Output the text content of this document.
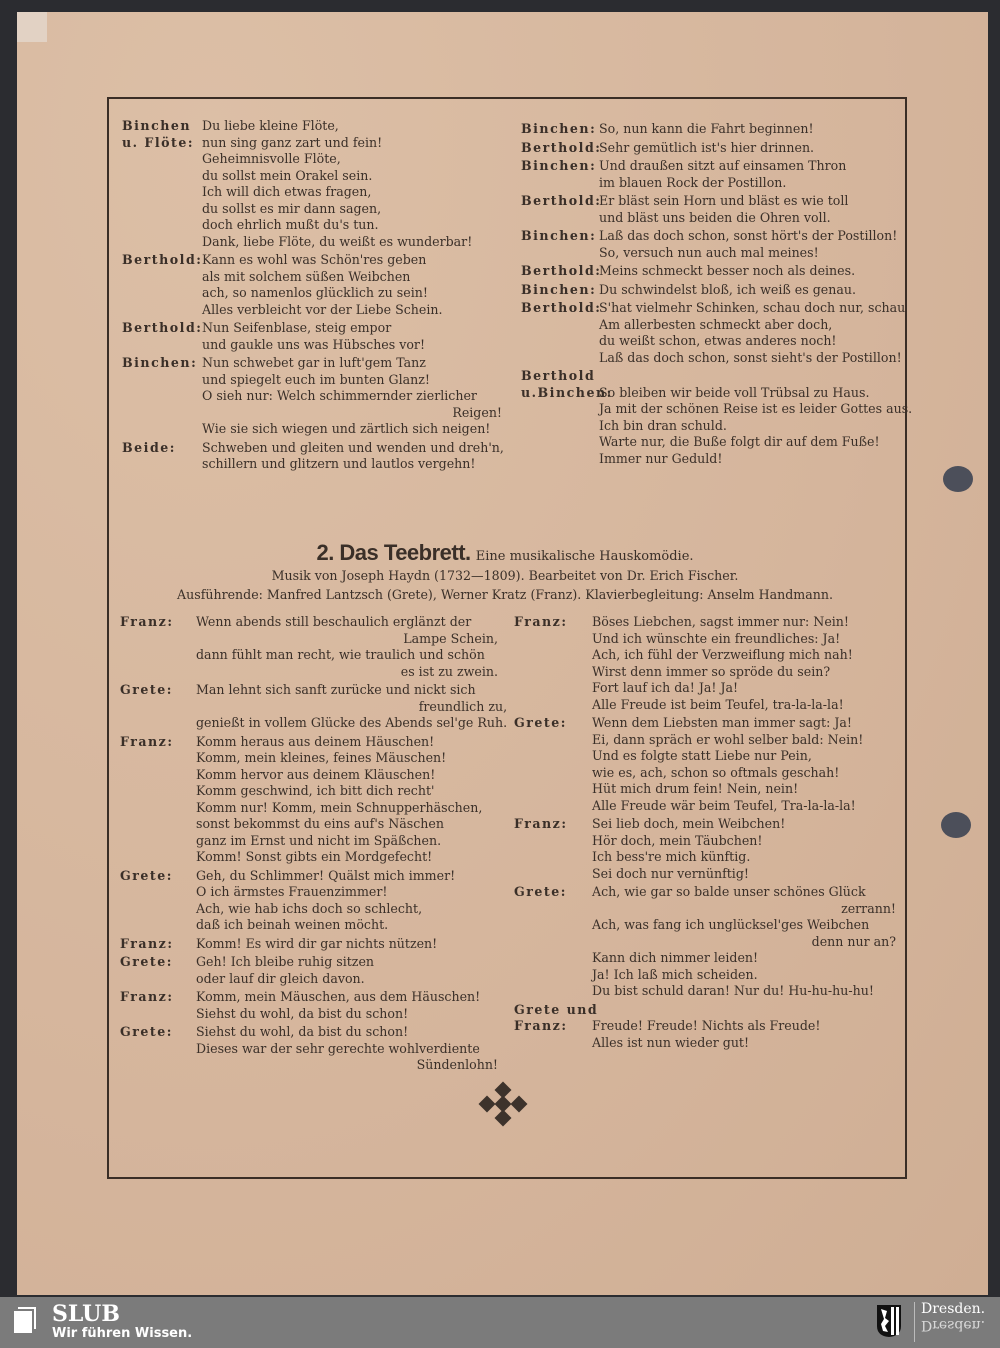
Binchen
u. Flöte:
Du liebe kleine Flöte,
nun sing ganz zart und fein!
Geheimnisvolle Flöte,
du sollst mein Orakel sein.
Ich will dich etwas fragen,
du sollst es mir dann sagen,
doch ehrlich mußt du's tun.
Dank, liebe Flöte, du weißt es wunderbar!
Berthold: Kann es wohl was Schön'res geben
als mit solchem süßen Weibchen
ach, so namenlos glücklich zu sein!
Alles verbleicht vor der Liebe Schein.
Berthold: Nun Seifenblase, steig empor
und gaukle uns was Hübsches vor!
Binchen: Nun schwebet gar in luft'gem Tanz
und spiegelt euch im bunten Glanz!
O sieh nur: Welch schimmernder zierlicher
Reigen!
Wie sie sich wiegen und zärtlich sich neigen!
Beide:	Schweben und gleiten und wenden und dreh'n,
schillern und glitzern und lautlos vergehn!
Binchen: So, nun kann die Fahrt beginnen!
Berthold:
Sehr gemütlich ist's hier drinnen.
Binchen: Und draußen sitzt auf einsamen Thron
im blauen Rock der Postillon.
Berthold:
Er bläst sein Horn und bläst es wie toll
und bläst uns beiden die Ohren voll.
Binchen: Laß das doch schon, sonst hört's der Postillon!
So, versuch nun auch mal meines!
Berthold:
Meins schmeckt besser noch als deines.
Binchen: Du schwindelst bloß, ich weiß es genau.
Berthold:
S'hat vielmehr Schinken, schau doch nur, schau
Am allerbesten schmeckt aber doch,
du weißt schon, etwas anderes noch!
Laß das doch schon, sonst sieht's der Postillon!
Berthold
u.Binchen:

So bleiben wir beide voll Trübsal zu Haus.
Ja mit der schönen Reise ist es leider Gottes aus.
Ich bin dran schuld.
Warte nur, die Buße folgt dir auf dem Fuße!
Immer nur Geduld!
2. Das Teebrett. Eine musikalische Hauskomödie.
Musik von Joseph Haydn (1732—1809). Bearbeitet von Dr. Erich Fischer.
Ausführende: Manfred Lantzsch (Grete), Werner Kratz (Franz). Klavierbegleitung: Anselm Handmann.
Franz:	Wenn abends still beschaulich erglänzt der
Lampe Schein,
dann fühlt man recht, wie traulich und schön
es ist zu zwein.
Grete:	Man lehnt sich sanft zurücke und nickt sich
freundlich zu,
genießt in vollem Glücke des Abends sel'ge Ruh.
Franz:	Komm heraus aus deinem Häuschen!
Komm, mein kleines, feines Mäuschen!
Komm hervor aus deinem Kläuschen!
Komm geschwind, ich bitt dich recht'
Komm nur! Komm, mein Schnupperhäschen,
sonst bekommst du eins auf's Näschen
ganz im Ernst und nicht im Späßchen.
Komm! Sonst gibts ein Mordgefecht!
Grete:	Geh, du Schlimmer! Quälst mich immer!
O ich ärmstes Frauenzimmer!
Ach, wie hab ichs doch so schlecht,
daß ich beinah weinen möcht.
Franz:	Komm! Es wird dir gar nichts nützen!
Grete:	Geh! Ich bleibe ruhig sitzen
oder lauf dir gleich davon.
Franz:	Komm, mein Mäuschen, aus dem Häuschen!
Siehst du wohl, da bist du schon!
Grete:	Siehst du wohl, da bist du schon!
Dieses war der sehr gerechte wohlverdiente
Sündenlohn!
Franz:	Böses Liebchen, sagst immer nur: Nein!
Und ich wünschte ein freundliches: Ja!
Ach, ich fühl der Verzweiflung mich nah!
Wirst denn immer so spröde du sein?
Fort lauf ich da! Ja! Ja!
Alle Freude ist beim Teufel, tra-la-la-la!
Grete:	Wenn dem Liebsten man immer sagt: Ja!
Ei, dann spräch er wohl selber bald: Nein!
Und es folgte statt Liebe nur Pein,
wie es, ach, schon so oftmals geschah!
Hüt mich drum fein! Nein, nein!
Alle Freude wär beim Teufel, Tra-la-la-la!
Franz:	Sei lieb doch, mein Weibchen!
Hör doch, mein Täubchen!
Ich bess're mich künftig.
Sei doch nur vernünftig!
Grete:	Ach, wie gar so balde unser schönes Glück
zerrann!
Ach, was fang ich unglücksel'ges Weibchen
denn nur an?
Kann dich nimmer leiden!
Ja! Ich laß mich scheiden.
Du bist schuld daran! Nur du! Hu-hu-hu-hu!
Grete und
Franz:
	Freude! Freude! Nichts als Freude!
Alles ist nun wieder gut!
SLUB
Wir führen Wissen.
Dresden.
Dresden.
